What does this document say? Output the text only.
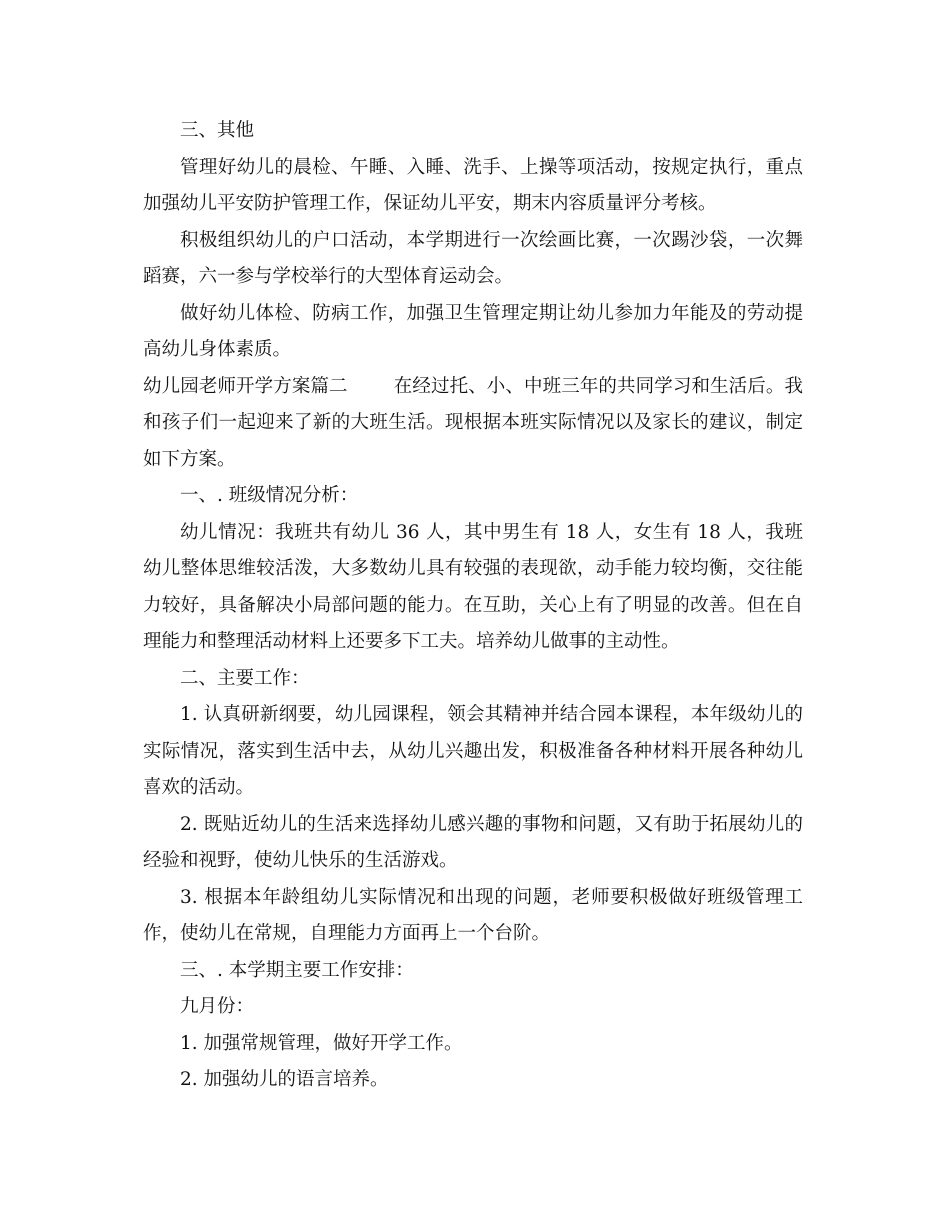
三、其他

管理好幼儿的晨检、午睡、入睡、洗手、上操等项活动，按规定执行，重点加强幼儿平安防护管理工作，保证幼儿平安，期末内容质量评分考核。

积极组织幼儿的户口活动，本学期进行一次绘画比赛，一次踢沙袋，一次舞蹈赛，六一参与学校举行的大型体育运动会。

做好幼儿体检、防病工作，加强卫生管理定期让幼儿参加力年能及的劳动提高幼儿身体素质。

幼儿园老师开学方案篇二 在经过托、小、中班三年的共同学习和生活后。我和孩子们一起迎来了新的大班生活。现根据本班实际情况以及家长的建议，制定如下方案。

一、. 班级情况分析：

幼儿情况：我班共有幼儿 36 人，其中男生有 18 人，女生有 18 人，我班幼儿整体思维较活泼，大多数幼儿具有较强的表现欲，动手能力较均衡，交往能力较好，具备解决小局部问题的能力。在互助，关心上有了明显的改善。但在自理能力和整理活动材料上还要多下工夫。培养幼儿做事的主动性。

二、主要工作：

1. 认真研新纲要，幼儿园课程，领会其精神并结合园本课程，本年级幼儿的实际情况，落实到生活中去，从幼儿兴趣出发，积极准备各种材料开展各种幼儿喜欢的活动。

2. 既贴近幼儿的生活来选择幼儿感兴趣的事物和问题，又有助于拓展幼儿的经验和视野，使幼儿快乐的生活游戏。

3. 根据本年龄组幼儿实际情况和出现的问题，老师要积极做好班级管理工作，使幼儿在常规，自理能力方面再上一个台阶。

三、. 本学期主要工作安排：

九月份：

1. 加强常规管理，做好开学工作。

2. 加强幼儿的语言培养。
